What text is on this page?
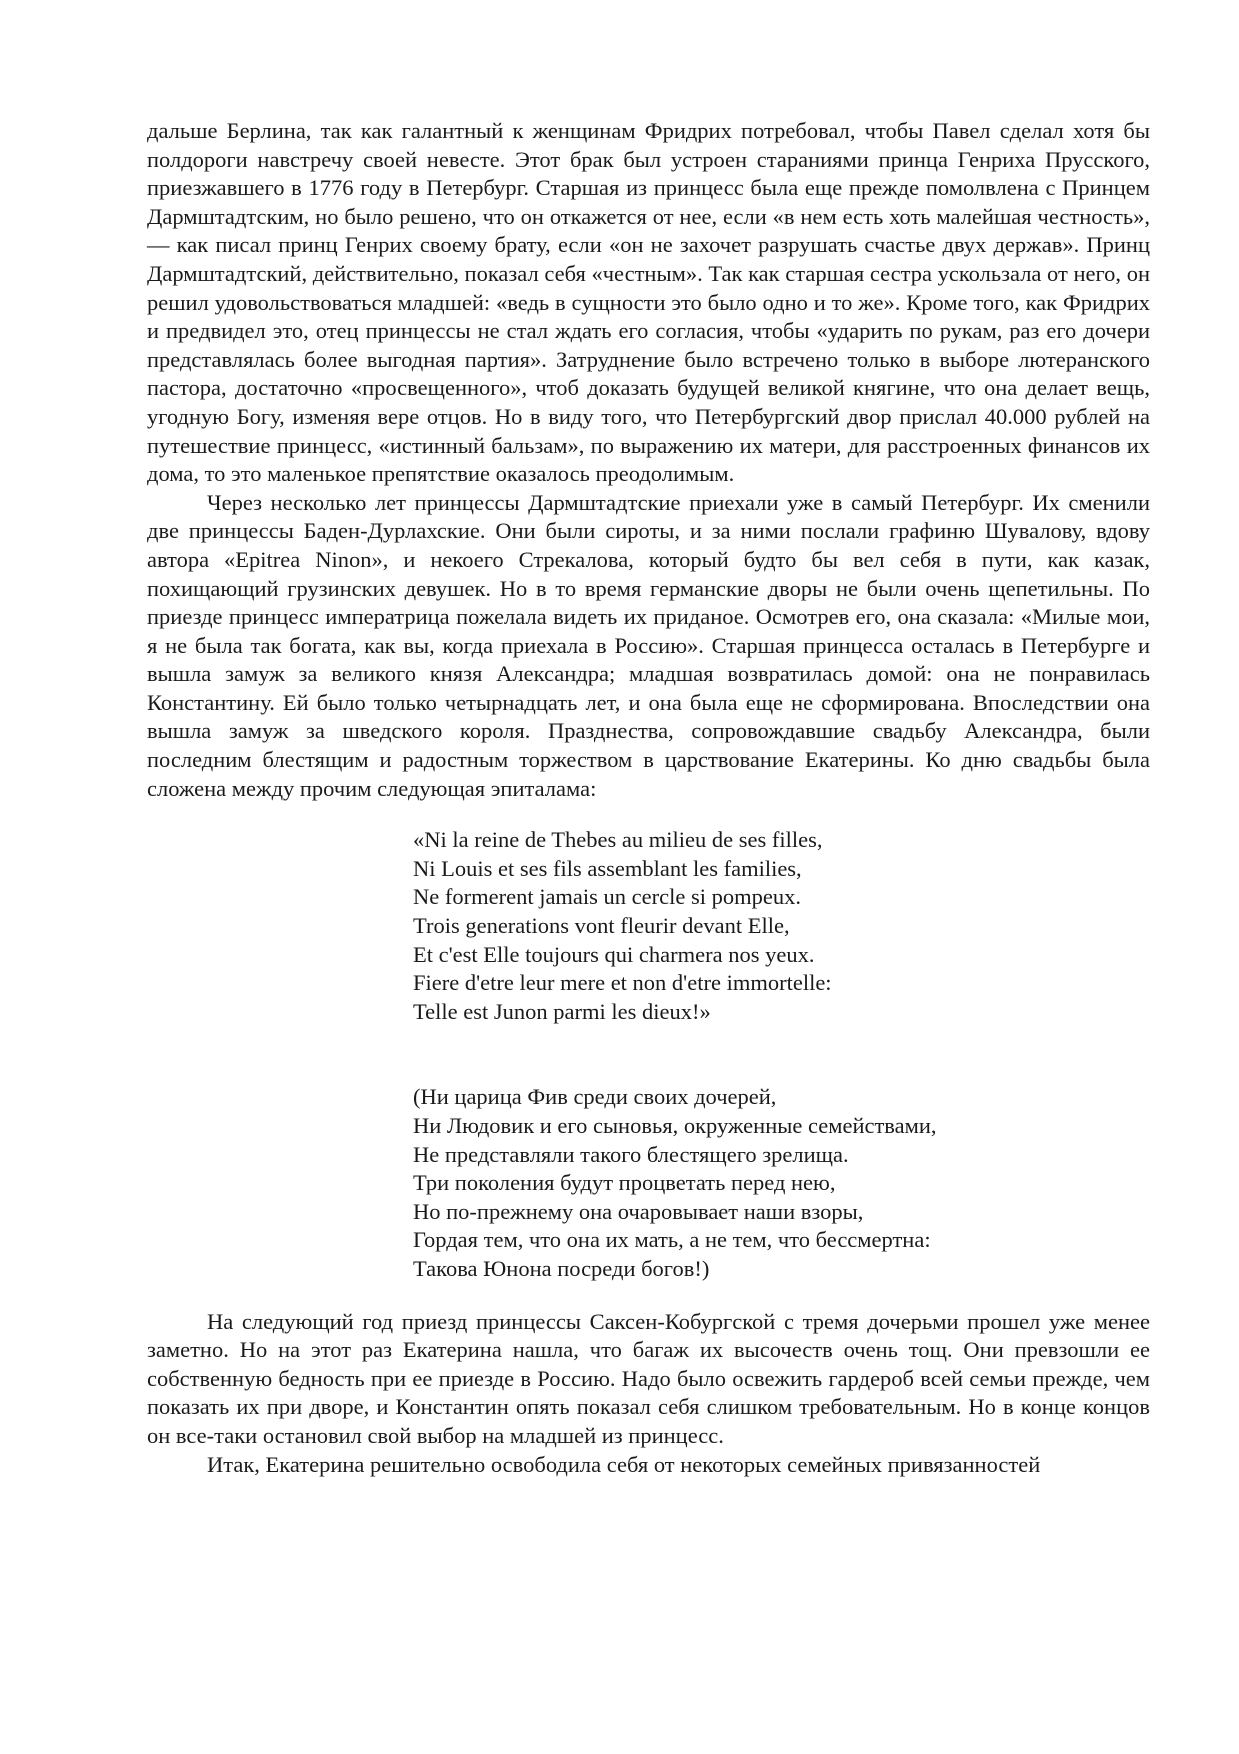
дальше Берлина, так как галантный к женщинам Фридрих потребовал, чтобы Павел сделал хотя бы полдороги навстречу своей невесте. Этот брак был устроен стараниями принца Генриха Прусского, приезжавшего в 1776 году в Петербург. Старшая из принцесс была еще прежде помолвлена с Принцем Дармштадтским, но было решено, что он откажется от нее, если «в нем есть хоть малейшая честность», — как писал принц Генрих своему брату, если «он не захочет разрушать счастье двух держав». Принц Дармштадтский, действительно, показал себя «честным». Так как старшая сестра ускользала от него, он решил удовольствоваться младшей: «ведь в сущности это было одно и то же». Кроме того, как Фридрих и предвидел это, отец принцессы не стал ждать его согласия, чтобы «ударить по рукам, раз его дочери представлялась более выгодная партия». Затруднение было встречено только в выборе лютеранского пастора, достаточно «просвещенного», чтоб доказать будущей великой княгине, что она делает вещь, угодную Богу, изменяя вере отцов. Но в виду того, что Петербургский двор прислал 40.000 рублей на путешествие принцесс, «истинный бальзам», по выражению их матери, для расстроенных финансов их дома, то это маленькое препятствие оказалось преодолимым.

Через несколько лет принцессы Дармштадтские приехали уже в самый Петербург. Их сменили две принцессы Баден-Дурлахские. Они были сироты, и за ними послали графиню Шувалову, вдову автора «Epitrea Ninon», и некоего Стрекалова, который будто бы вел себя в пути, как казак, похищающий грузинских девушек. Но в то время германские дворы не были очень щепетильны. По приезде принцесс императрица пожелала видеть их приданое. Осмотрев его, она сказала: «Милые мои, я не была так богата, как вы, когда приехала в Россию». Старшая принцесса осталась в Петербурге и вышла замуж за великого князя Александра; младшая возвратилась домой: она не понравилась Константину. Ей было только четырнадцать лет, и она была еще не сформирована. Впоследствии она вышла замуж за шведского короля. Празднества, сопровождавшие свадьбу Александра, были последним блестящим и радостным торжеством в царствование Екатерины. Ко дню свадьбы была сложена между прочим следующая эпиталама:

«Ni la reine de Thebes au milieu de ses filles,
Ni Louis et ses fils assemblant les families,
Ne formerent jamais un cercle si pompeux.
Trois generations vont fleurir devant Elle,
Et c'est Elle toujours qui charmera nos yeux.
Fiere d'etre leur mere et non d'etre immortelle:
Telle est Junon parmi les dieux!»
(Ни царица Фив среди своих дочерей,
Ни Людовик и его сыновья, окруженные семействами,
Не представляли такого блестящего зрелища.
Три поколения будут процветать перед нею,
Но по-прежнему она очаровывает наши взоры,
Гордая тем, что она их мать, а не тем, что бессмертна:
Такова Юнона посреди богов!)

На следующий год приезд принцессы Саксен-Кобургской с тремя дочерьми прошел уже менее заметно. Но на этот раз Екатерина нашла, что багаж их высочеств очень тощ. Они превзошли ее собственную бедность при ее приезде в Россию. Надо было освежить гардероб всей семьи прежде, чем показать их при дворе, и Константин опять показал себя слишком требовательным. Но в конце концов он все-таки остановил свой выбор на младшей из принцесс.

Итак, Екатерина решительно освободила себя от некоторых семейных привязанностей
